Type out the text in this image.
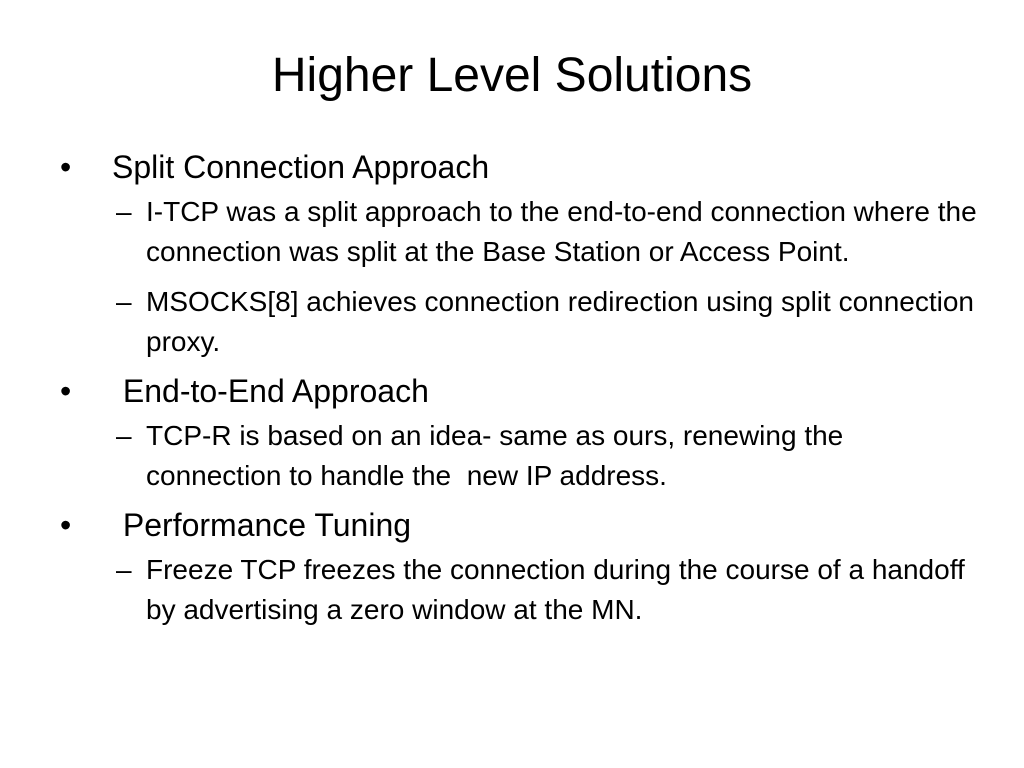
Higher Level Solutions
•	Split Connection Approach
– I-TCP was a split approach to the end-to-end connection where the connection was split at the Base Station or Access Point.
– MSOCKS[8] achieves connection redirection using split connection proxy.
•	End-to-End Approach
– TCP-R is based on an idea- same as ours, renewing the connection to handle the  new IP address.
•	Performance Tuning
– Freeze TCP freezes the connection during the course of a handoff by advertising a zero window at the MN.
